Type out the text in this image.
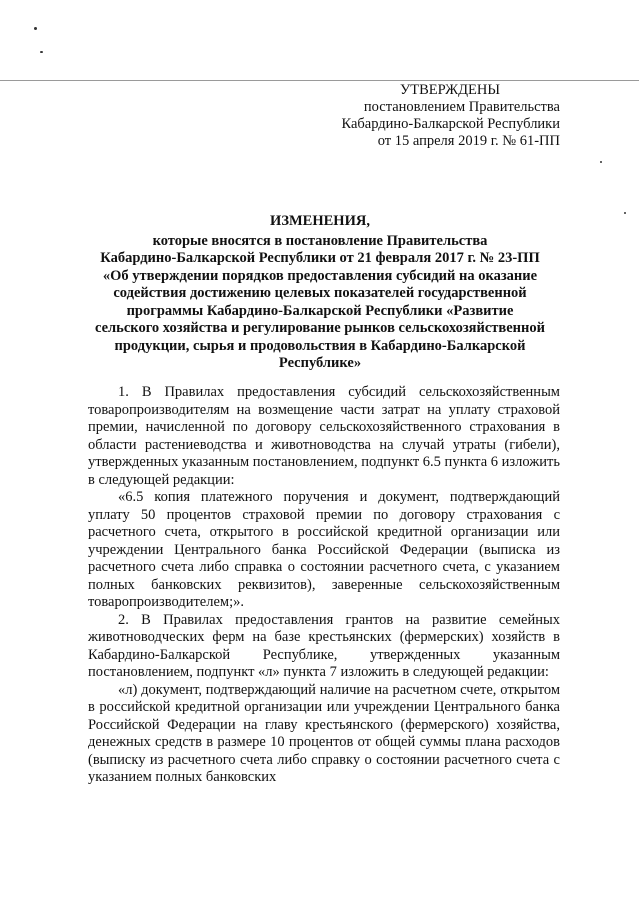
УТВЕРЖДЕНЫ
постановлением Правительства
Кабардино-Балкарской Республики
от 15 апреля 2019 г. № 61-ПП
ИЗМЕНЕНИЯ,
которые вносятся в постановление Правительства
Кабардино-Балкарской Республики от 21 февраля 2017 г. № 23-ПП
«Об утверждении порядков предоставления субсидий на оказание
содействия достижению целевых показателей государственной
программы Кабардино-Балкарской Республики «Развитие
сельского хозяйства и регулирование рынков сельскохозяйственной
продукции, сырья и продовольствия в Кабардино-Балкарской
Республике»

1. В Правилах предоставления субсидий сельскохозяйственным товаропроизводителям на возмещение части затрат на уплату страховой премии, начисленной по договору сельскохозяйственного страхования в области растениеводства и животноводства на случай утраты (гибели), утвержденных указанным постановлением, подпункт 6.5 пункта 6 изложить в следующей редакции:

«6.5 копия платежного поручения и документ, подтверждающий уплату 50 процентов страховой премии по договору страхования с расчетного счета, открытого в российской кредитной организации или учреждении Центрального банка Российской Федерации (выписка из расчетного счета либо справка о состоянии расчетного счета, с указанием полных банковских реквизитов), заверенные сельскохозяйственным товаропроизводителем;».

2. В Правилах предоставления грантов на развитие семейных животноводческих ферм на базе крестьянских (фермерских) хозяйств в Кабардино-Балкарской Республике, утвержденных указанным постановлением, подпункт «л» пункта 7 изложить в следующей редакции:

«л) документ, подтверждающий наличие на расчетном счете, открытом в российской кредитной организации или учреждении Центрального банка Российской Федерации на главу крестьянского (фермерского) хозяйства, денежных средств в размере 10 процентов от общей суммы плана расходов (выписку из расчетного счета либо справку о состоянии расчетного счета с указанием полных банковских
